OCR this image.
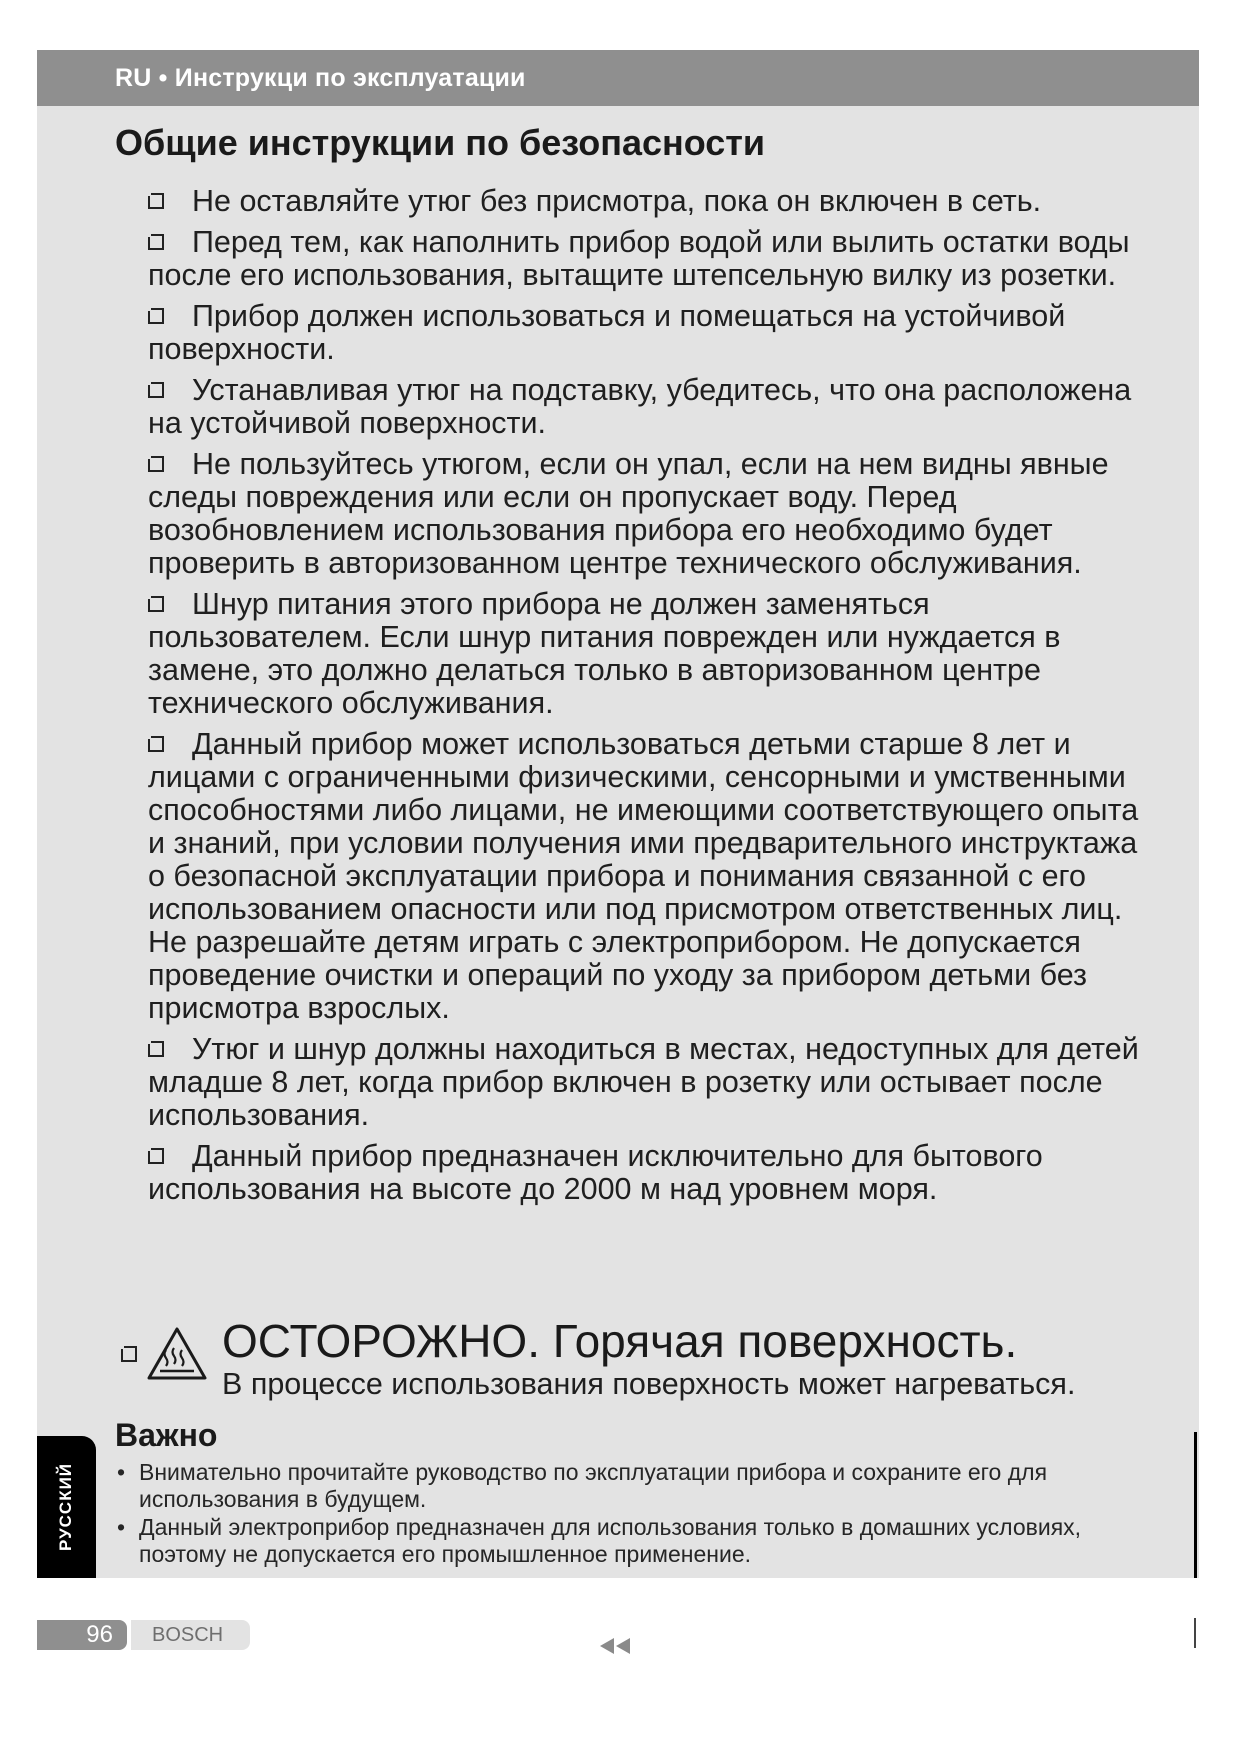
RU • Инструкци по эксплуатации
Общие инструкции по безопасности

Не оставляйте утюг без присмотра, пока он включен в сеть.

Перед тем, как наполнить прибор водой или вылить остатки воды после его использования, вытащите штепсельную вилку из розетки.

Прибор должен использоваться и помещаться на устойчивой поверхности.

Устанавливая утюг на подставку, убедитесь, что она расположена на устойчивой поверхности.

Не пользуйтесь утюгом, если он упал, если на нем видны явные следы повреждения или если он пропускает воду. Перед возобновлением использования прибора его необходимо будет проверить в авторизованном центре технического обслуживания.

Шнур питания этого прибора не должен заменяться пользователем. Если шнур питания поврежден или нуждается в замене, это должно делаться только в авторизованном центре технического обслуживания.

Данный прибор может использоваться детьми старше 8 лет и лицами с ограниченными физическими, сенсорными и умственными способностями либо лицами, не имеющими соответствующего опыта и знаний, при условии получения ими предварительного инструктажа о безопасной эксплуатации прибора и понимания связанной с его использованием опасности или под присмотром ответственных лиц. Не разрешайте детям играть с электроприбором. Не допускается проведение очистки и операций по уходу за прибором детьми без присмотра взрослых.

Утюг и шнур должны находиться в местах, недоступных для детей младше 8 лет, когда прибор включен в розетку или остывает после использования.

Данный прибор предназначен исключительно для бытового использования на высоте до 2000 м над уровнем моря.

ОСТОРОЖНО. Горячая поверхность.
В процессе использования поверхность может нагреваться.
Важно
• Внимательно прочитайте руководство по эксплуатации прибора и сохраните его для использования в будущем.
• Данный электроприбор предназначен для использования только в домашних условиях, поэтому не допускается его промышленное применение.
РУССКИЙ
96	BOSCH
